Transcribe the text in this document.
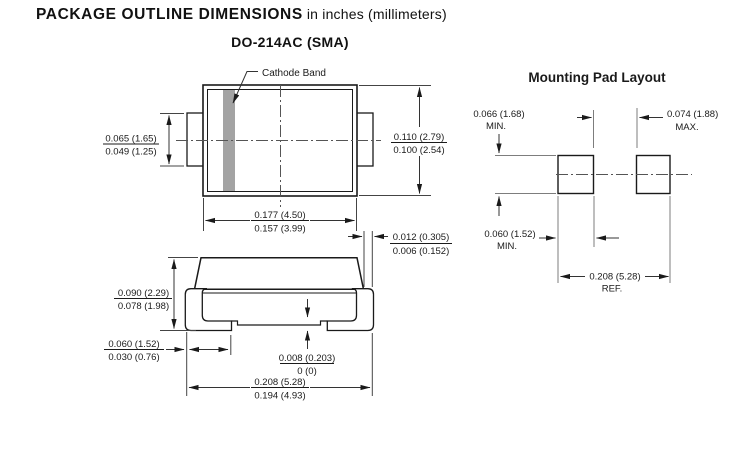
PACKAGE OUTLINE DIMENSIONS in inches (millimeters)
DO-214AC (SMA)
Cathode Band
0.065 (1.65)
0.049 (1.25)
0.110 (2.79)
0.100 (2.54)
0.177 (4.50)
0.157 (3.99)
0.012 (0.305)
0.006 (0.152)
0.090 (2.29)
0.078 (1.98)
0.060 (1.52)
0.030 (0.76)	0.008 (0.203)
0 (0)
0.208 (5.28)
0.194 (4.93)
Mounting Pad Layout
0.066 (1.68)
MIN.
0.074 (1.88)
MAX.
0.060 (1.52)
MIN.
0.208 (5.28)
REF.
